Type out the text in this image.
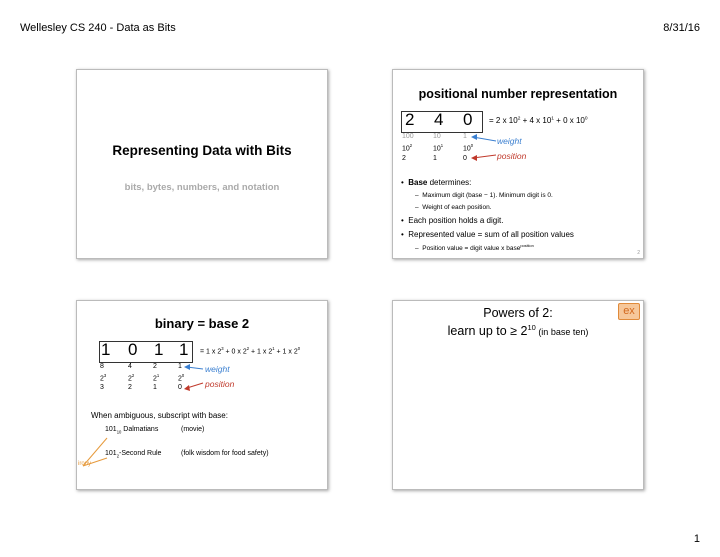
Wellesley CS 240 - Data as Bits	8/31/16
Representing Data with Bits
bits, bytes, numbers, and notation
positional number representation
2 4 0 = 2 x $10^2 + 4$ x $10^1 + 0$ x $10^0$
100	10	1
$10^2$	$10^1$	$10^0$
2	1	0
weight
position
•  Base determines:
–  Maximum digit (base − 1). Minimum digit is 0.
–  Weight of each position.
•  Each position holds a digit.
•  Represented value = sum of all position values
–  Position value = digit value x base$^{position}$
2
binary = base 2
1 0 1 1 = 1 x $2^3 + 0$ x $2^2 + 1$ x $2^1 + 1$ x $2^0$
8	4	2	1
$2^3$	$2^2$	$2^1$	$2^0$
3	2	1	0
weight
position
When ambiguous, subscript with base:
$101_{10}$ Dalmatians	(movie)
$101_2$-Second Rule	(folk wisdom for food safety)
irony
Powers of 2:
learn up to ≥ $2^{10}$ (in base ten)
ex
1
